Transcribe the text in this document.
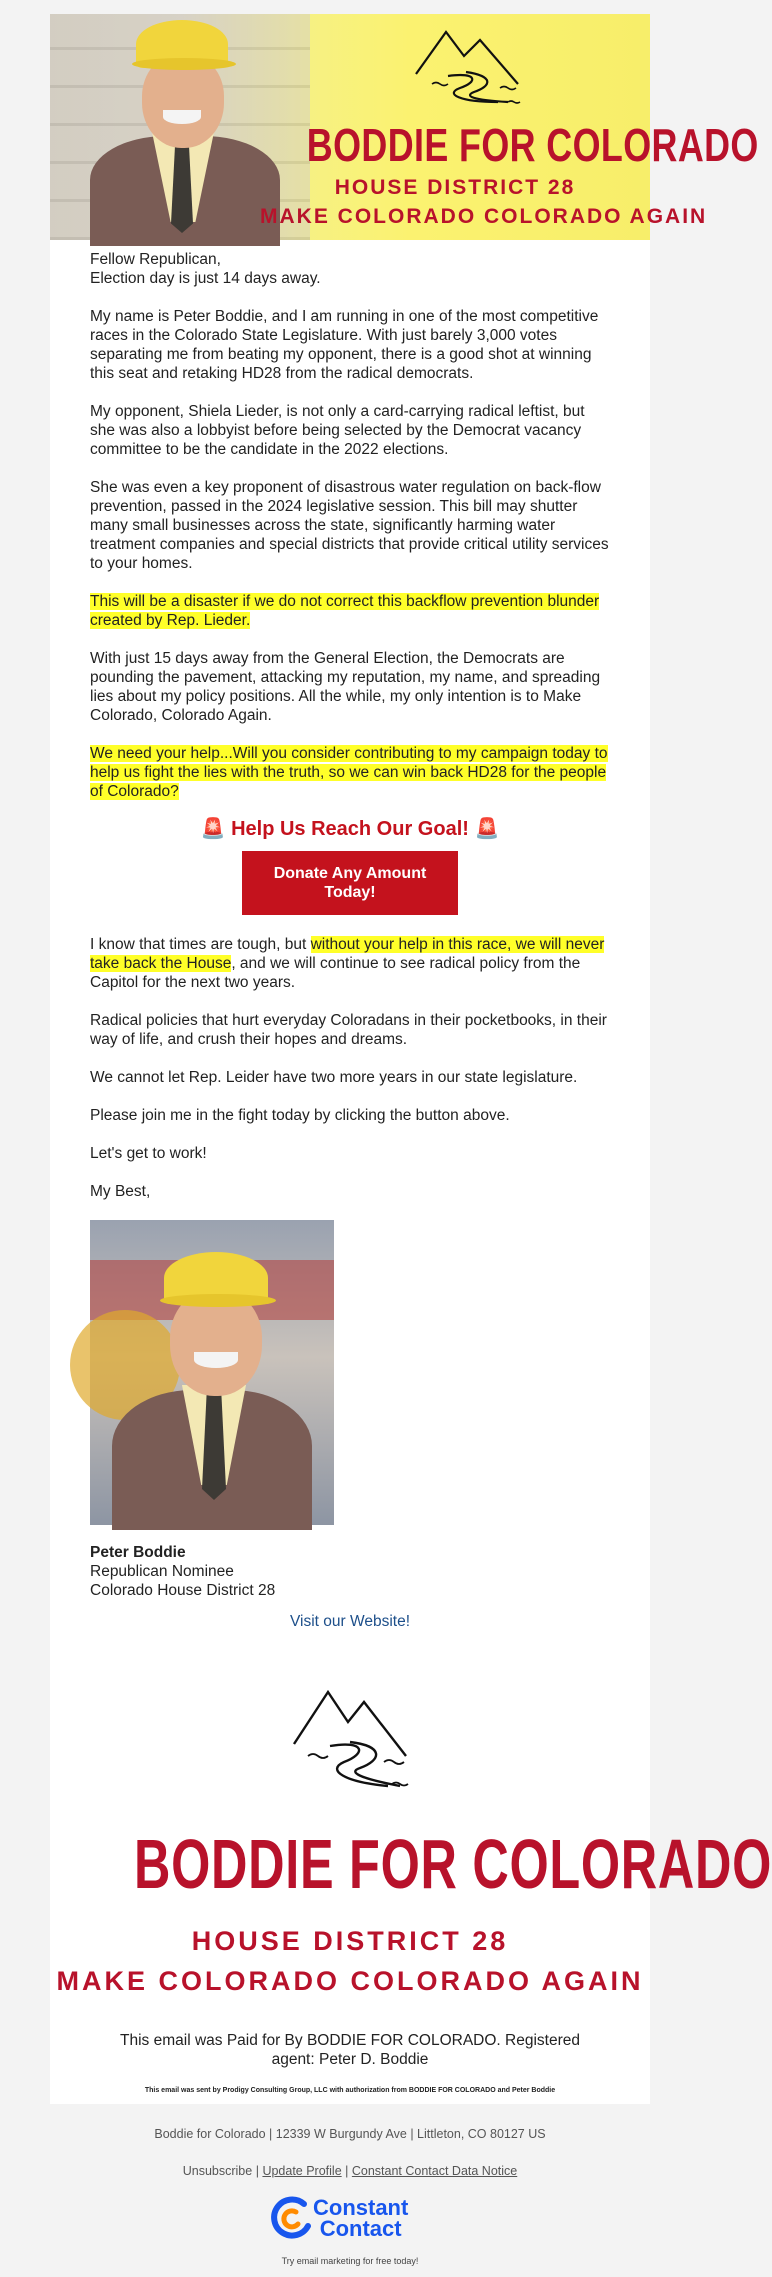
BODDIE FOR COLORADO
HOUSE DISTRICT 28
MAKE COLORADO COLORADO AGAIN

Fellow Republican,
Election day is just 14 days away.

My name is Peter Boddie, and I am running in one of the most competitive races in the Colorado State Legislature. With just barely 3,000 votes separating me from beating my opponent, there is a good shot at winning this seat and retaking HD28 from the radical democrats.

My opponent, Shiela Lieder, is not only a card-carrying radical leftist, but she was also a lobbyist before being selected by the Democrat vacancy committee to be the candidate in the 2022 elections.

She was even a key proponent of disastrous water regulation on back-flow prevention, passed in the 2024 legislative session. This bill may shutter many small businesses across the state, significantly harming water treatment companies and special districts that provide critical utility services to your homes.

This will be a disaster if we do not correct this backflow prevention blunder created by Rep. Lieder.

With just 15 days away from the General Election, the Democrats are pounding the pavement, attacking my reputation, my name, and spreading lies about my policy positions. All the while, my only intention is to Make Colorado, Colorado Again.

We need your help...Will you consider contributing to my campaign today to help us fight the lies with the truth, so we can win back HD28 for the people of Colorado?

🚨 Help Us Reach Our Goal! 🚨
Donate Any Amount Today!

I know that times are tough, but without your help in this race, we will never take back the House, and we will continue to see radical policy from the Capitol for the next two years.

Radical policies that hurt everyday Coloradans in their pocketbooks, in their way of life, and crush their hopes and dreams.

We cannot let Rep. Leider have two more years in our state legislature.

Please join me in the fight today by clicking the button above.

Let's get to work!

My Best,

Peter Boddie
Republican Nominee
Colorado House District 28
Visit our Website!
BODDIE FOR COLORADO
HOUSE DISTRICT 28
MAKE COLORADO COLORADO AGAIN
This email was Paid for By BODDIE FOR COLORADO. Registered agent: Peter D. Boddie
This email was sent by Prodigy Consulting Group, LLC with authorization from BODDIE FOR COLORADO and Peter Boddie
Boddie for Colorado | 12339 W Burgundy Ave | Littleton, CO 80127 US
Unsubscribe | Update Profile | Constant Contact Data Notice
Constant
Contact
Try email marketing for free today!
